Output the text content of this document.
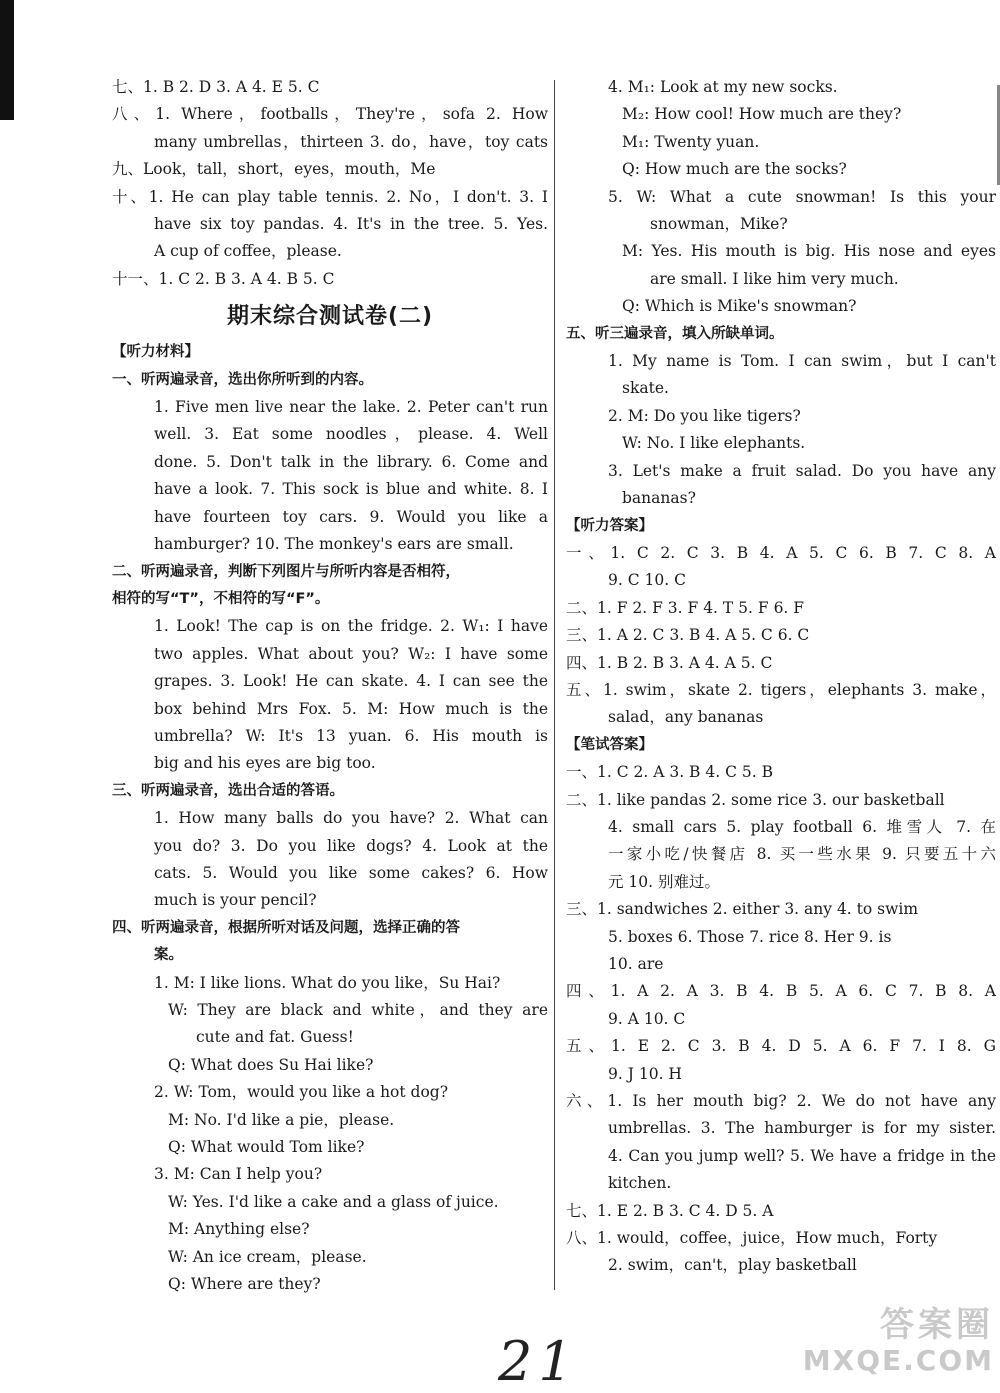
七、1. B 2. D 3. A 4. E 5. C
八、1. Where，footballs，They're，sofa 2. How
many umbrellas，thirteen 3. do，have，toy cats
九、Look，tall，short，eyes，mouth，Me
十、1. He can play table tennis. 2. No，I don't. 3. I
have six toy pandas. 4. It's in the tree. 5. Yes.
A cup of coffee，please.
十一、1. C 2. B 3. A 4. B 5. C
期末综合测试卷(二)
【听力材料】
一、听两遍录音，选出你所听到的内容。
1. Five men live near the lake. 2. Peter can't run
well. 3. Eat some noodles，please. 4. Well
done. 5. Don't talk in the library. 6. Come and
have a look. 7. This sock is blue and white. 8. I
have fourteen toy cars. 9. Would you like a
hamburger? 10. The monkey's ears are small.
二、听两遍录音，判断下列图片与所听内容是否相符，
相符的写“T”，不相符的写“F”。
1. Look! The cap is on the fridge. 2. W₁: I have
two apples. What about you? W₂: I have some
grapes. 3. Look! He can skate. 4. I can see the
box behind Mrs Fox. 5. M: How much is the
umbrella? W: It's 13 yuan. 6. His mouth is
big and his eyes are big too.
三、听两遍录音，选出合适的答语。
1. How many balls do you have? 2. What can
you do? 3. Do you like dogs? 4. Look at the
cats. 5. Would you like some cakes? 6. How
much is your pencil?
四、听两遍录音，根据所听对话及问题，选择正确的答
案。
1. M: I like lions. What do you like，Su Hai?
W: They are black and white，and they are
cute and fat. Guess!
Q: What does Su Hai like?
2. W: Tom，would you like a hot dog?
M: No. I'd like a pie，please.
Q: What would Tom like?
3. M: Can I help you?
W: Yes. I'd like a cake and a glass of juice.
M: Anything else?
W: An ice cream，please.
Q: Where are they?
4. M₁: Look at my new socks.
M₂: How cool! How much are they?
M₁: Twenty yuan.
Q: How much are the socks?
5. W: What a cute snowman! Is this your
snowman，Mike?
M: Yes. His mouth is big. His nose and eyes
are small. I like him very much.
Q: Which is Mike's snowman?
五、听三遍录音，填入所缺单词。
1. My name is Tom. I can swim，but I can't
skate.
2. M: Do you like tigers?
W: No. I like elephants.
3. Let's make a fruit salad. Do you have any
bananas?
【听力答案】
一、1. C 2. C 3. B 4. A 5. C 6. B 7. C 8. A
9. C 10. C
二、1. F 2. F 3. F 4. T 5. F 6. F
三、1. A 2. C 3. B 4. A 5. C 6. C
四、1. B 2. B 3. A 4. A 5. C
五、1. swim，skate 2. tigers，elephants 3. make，
salad，any bananas
【笔试答案】
一、1. C 2. A 3. B 4. C 5. B
二、1. like pandas 2. some rice 3. our basketball
4. small cars 5. play football 6. 堆雪人 7. 在
一家小吃/快餐店 8. 买一些水果 9. 只要五十六
元 10. 别难过。
三、1. sandwiches 2. either 3. any 4. to swim
5. boxes 6. Those 7. rice 8. Her 9. is
10. are
四、1. A 2. A 3. B 4. B 5. A 6. C 7. B 8. A
9. A 10. C
五、1. E 2. C 3. B 4. D 5. A 6. F 7. I 8. G
9. J 10. H
六、1. Is her mouth big? 2. We do not have any
umbrellas. 3. The hamburger is for my sister.
4. Can you jump well? 5. We have a fridge in the
kitchen.
七、1. E 2. B 3. C 4. D 5. A
八、1. would，coffee，juice，How much，Forty
2. swim，can't，play basketball
21
答案圈
MXQE.COM
